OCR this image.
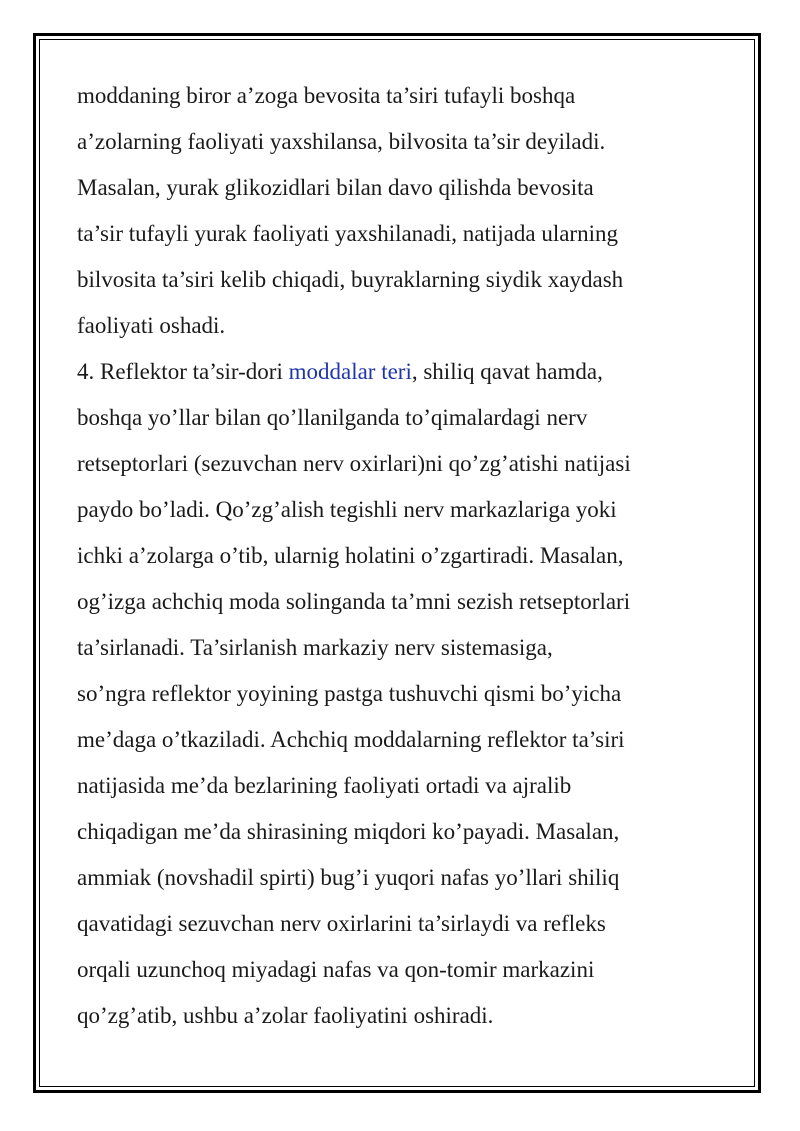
moddaning biror a’zoga bevosita ta’siri tufayli boshqa
a’zolarning faoliyati yaxshilansa, bilvosita ta’sir deyiladi.
Masalan, yurak glikozidlari bilan davo qilishda bevosita
ta’sir tufayli yurak faoliyati yaxshilanadi, natijada ularning
bilvosita ta’siri kelib chiqadi, buyraklarning siydik xaydash
faoliyati oshadi.
4. Reflektor ta’sir-dori moddalar teri, shiliq qavat hamda,
boshqa yo’llar bilan qo’llanilganda to’qimalardagi nerv
retseptorlari (sezuvchan nerv oxirlari)ni qo’zg’atishi natijasi
paydo bo’ladi. Qo’zg’alish tegishli nerv markazlariga yoki
ichki a’zolarga o’tib, ularnig holatini o’zgartiradi. Masalan,
og’izga achchiq moda solinganda ta’mni sezish retseptorlari
ta’sirlanadi. Ta’sirlanish markaziy nerv sistemasiga,
so’ngra reflektor yoyining pastga tushuvchi qismi bo’yicha
me’daga o’tkaziladi. Achchiq moddalarning reflektor ta’siri
natijasida me’da bezlarining faoliyati ortadi va ajralib
chiqadigan me’da shirasining miqdori ko’payadi. Masalan,
ammiak (novshadil spirti) bug’i yuqori nafas yo’llari shiliq
qavatidagi sezuvchan nerv oxirlarini ta’sirlaydi va refleks
orqali uzunchoq miyadagi nafas va qon-tomir markazini
qo’zg’atib, ushbu a’zolar faoliyatini oshiradi.
